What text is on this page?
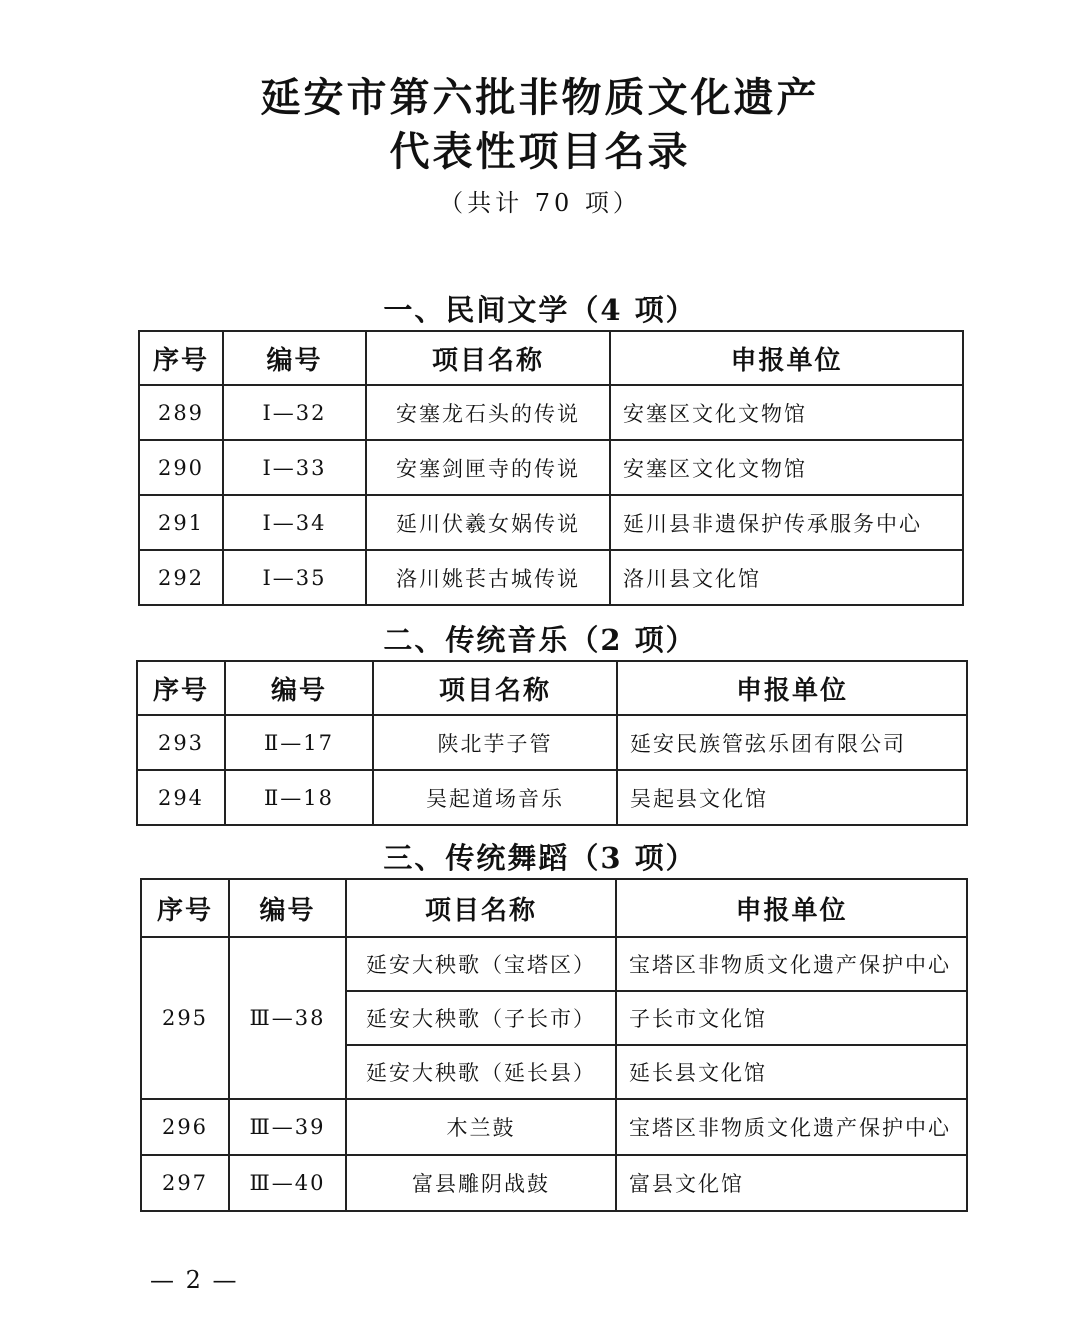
延安市第六批非物质文化遗产
代表性项目名录
（共计 70 项）
一、民间文学（4 项）
序号	编号	项目名称	申报单位
289	Ⅰ—32	安塞龙石头的传说	安塞区文化文物馆
290	Ⅰ—33	安塞剑匣寺的传说	安塞区文化文物馆
291	Ⅰ—34	延川伏羲女娲传说	延川县非遗保护传承服务中心
292	Ⅰ—35	洛川姚苌古城传说	洛川县文化馆
二、传统音乐（2 项）
序号	编号	项目名称	申报单位
293	Ⅱ—17	陕北芋子管	延安民族管弦乐团有限公司
294	Ⅱ—18	吴起道场音乐	吴起县文化馆
三、传统舞蹈（3 项）
序号	编号	项目名称	申报单位
295	Ⅲ—38	延安大秧歌（宝塔区）	宝塔区非物质文化遗产保护中心
		延安大秧歌（子长市）	子长市文化馆
		延安大秧歌（延长县）	延长县文化馆
296	Ⅲ—39	木兰鼓	宝塔区非物质文化遗产保护中心
297	Ⅲ—40	富县雕阴战鼓	富县文化馆
— 2 —
